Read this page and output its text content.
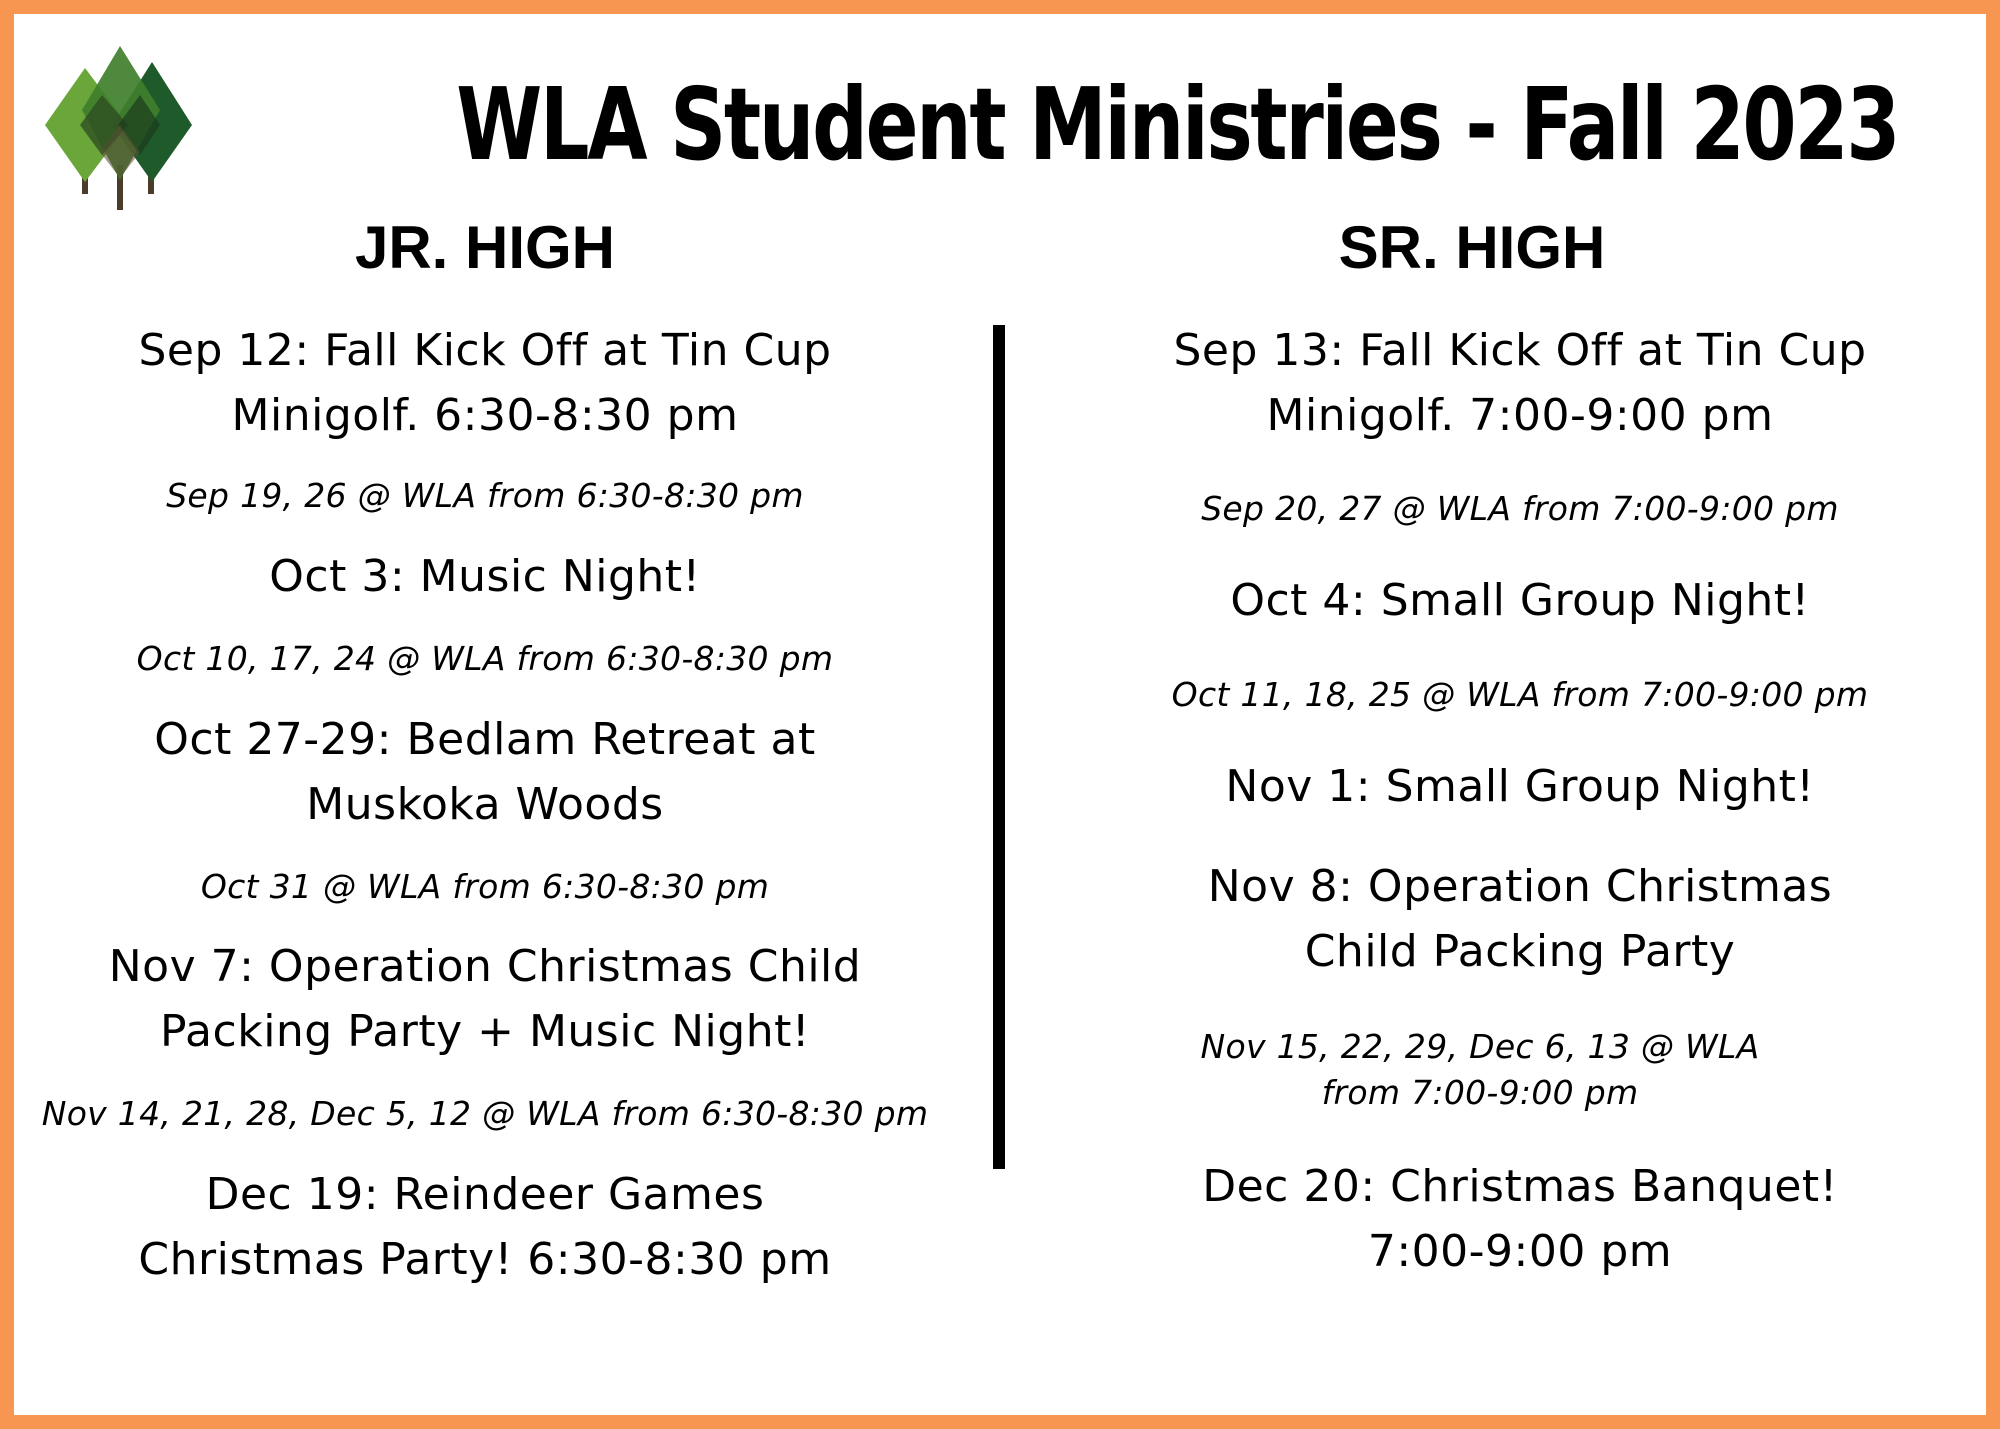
WLA Student Ministries - Fall 2023
JR. HIGH	SR. HIGH
Sep 12: Fall Kick Off at Tin Cup
Minigolf. 6:30-8:30 pm
Sep 19, 26 @ WLA from 6:30-8:30 pm
Oct 3: Music Night!
Oct 10, 17, 24 @ WLA from 6:30-8:30 pm
Oct 27-29: Bedlam Retreat at
Muskoka Woods
Oct 31 @ WLA from 6:30-8:30 pm
Nov 7: Operation Christmas Child
Packing Party + Music Night!
Nov 14, 21, 28, Dec 5, 12 @ WLA from 6:30-8:30 pm
Dec 19: Reindeer Games
Christmas Party! 6:30-8:30 pm
Sep 13: Fall Kick Off at Tin Cup
Minigolf. 7:00-9:00 pm
Sep 20, 27 @ WLA from 7:00-9:00 pm
Oct 4: Small Group Night!
Oct 11, 18, 25 @ WLA from 7:00-9:00 pm
Nov 1: Small Group Night!
Nov 8: Operation Christmas
Child Packing Party
Nov 15, 22, 29, Dec 6, 13 @ WLA
from 7:00-9:00 pm
Dec 20: Christmas Banquet!
7:00-9:00 pm
